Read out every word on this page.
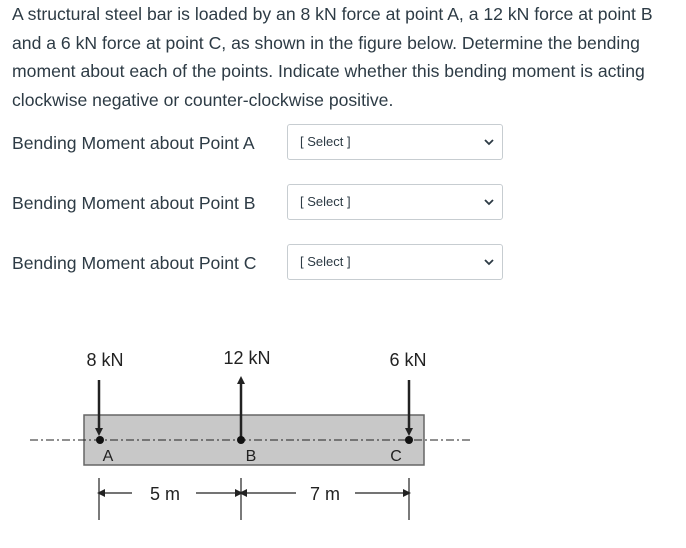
A structural steel bar is loaded by an 8 kN force at point A, a 12 kN force at point B
and a 6 kN force at point C, as shown in the figure below. Determine the bending
moment about each of the points. Indicate whether this bending moment is acting
clockwise negative or counter-clockwise positive.
Bending Moment about Point A	[ Select ]
Bending Moment about Point B	[ Select ]
Bending Moment about Point C	[ Select ]
8 kN	12 kN	6 kN
A	B	C
5 m	7 m
